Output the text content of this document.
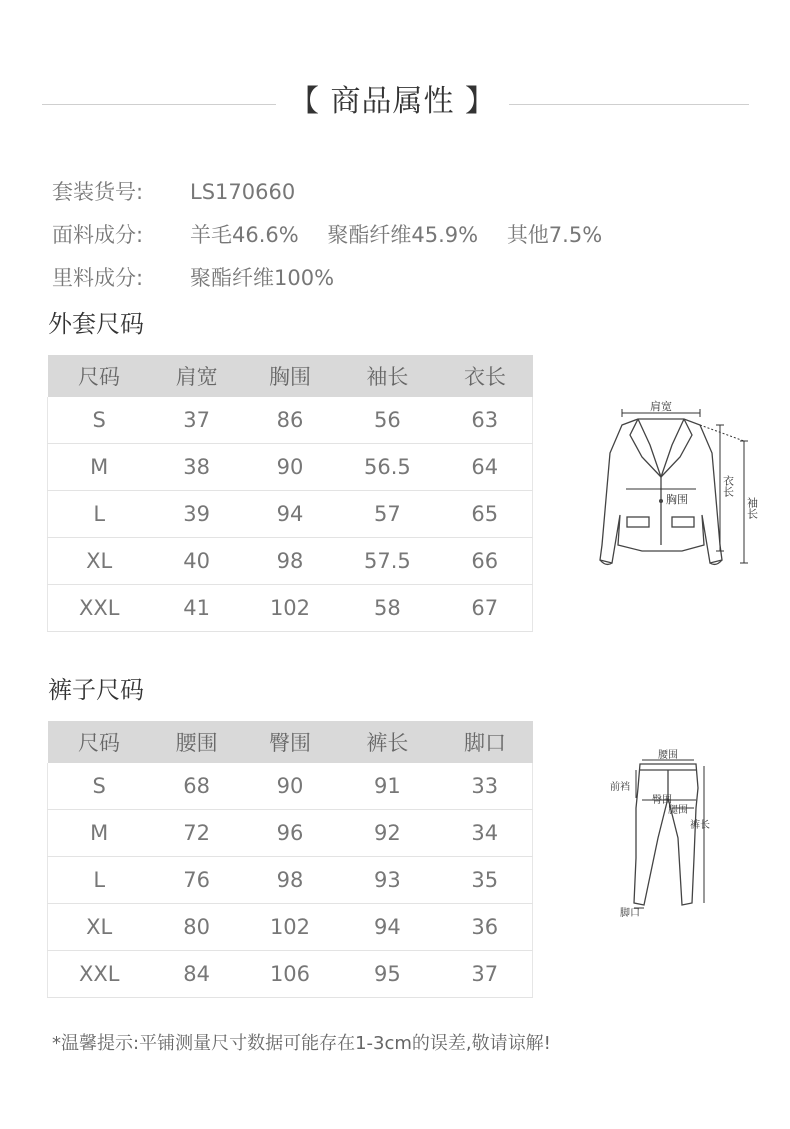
【 商品属性 】
套装货号: LS170660
面料成分: 羊毛46.6% 聚酯纤维45.9% 其他7.5%
里料成分: 聚酯纤维100%
外套尺码
尺码	肩宽	胸围	袖长	衣长
S	37	86	56	63
M	38	90	56.5	64
L	39	94	57	65
XL	40	98	57.5	66
XXL	41	102	58	67
肩宽
胸围
衣长
袖长
裤子尺码
尺码	腰围	臀围	裤长	脚口
S	68	90	91	33
M	72	96	92	34
L	76	98	93	35
XL	80	102	94	36
XXL	84	106	95	37
腰围
前裆
臀围
腿围
裤长
脚口
*温馨提示:平铺测量尺寸数据可能存在1-3cm的误差,敬请谅解!
